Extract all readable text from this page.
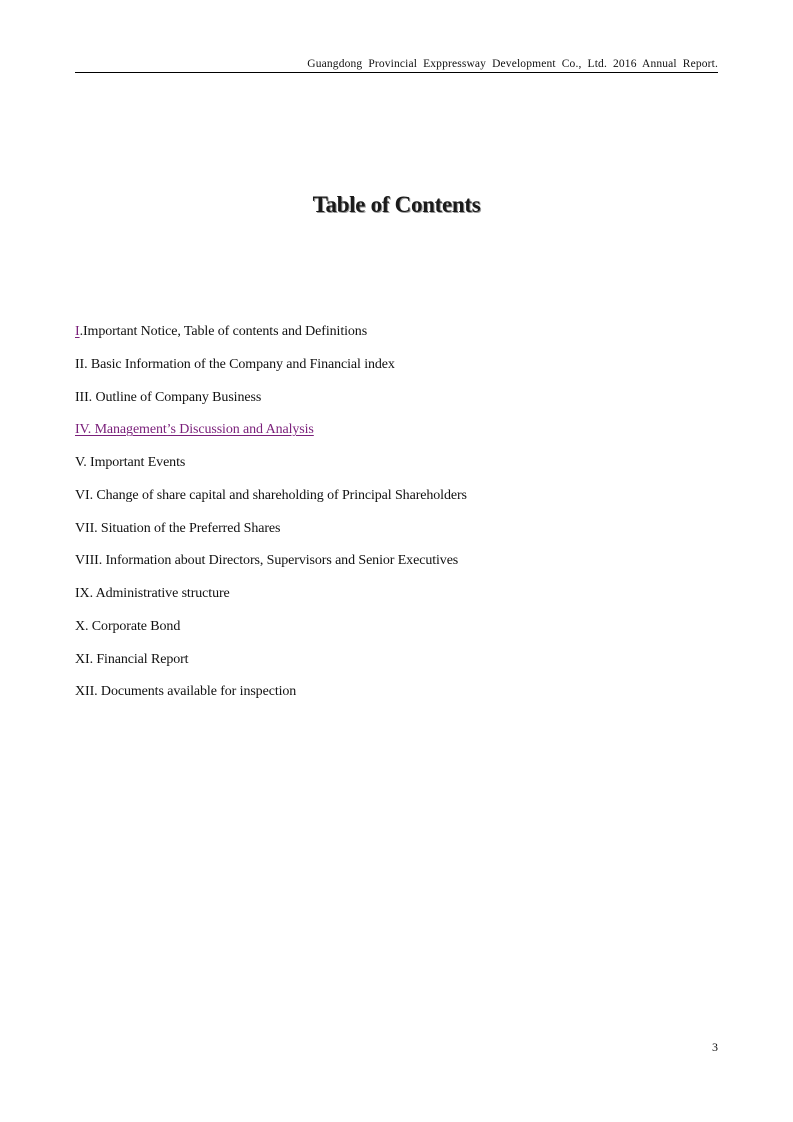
Guangdong Provincial Exppressway Development Co., Ltd. 2016 Annual Report.
Table of Contents
I.Important Notice, Table of contents and Definitions
II. Basic Information of the Company and Financial index
III. Outline of Company Business
IV. Management’s Discussion and Analysis
V. Important Events
VI. Change of share capital and shareholding of Principal Shareholders
VII. Situation of the Preferred Shares
VIII. Information about Directors, Supervisors and Senior Executives
IX. Administrative structure
X. Corporate Bond
XI. Financial Report
XII. Documents available for inspection
3
